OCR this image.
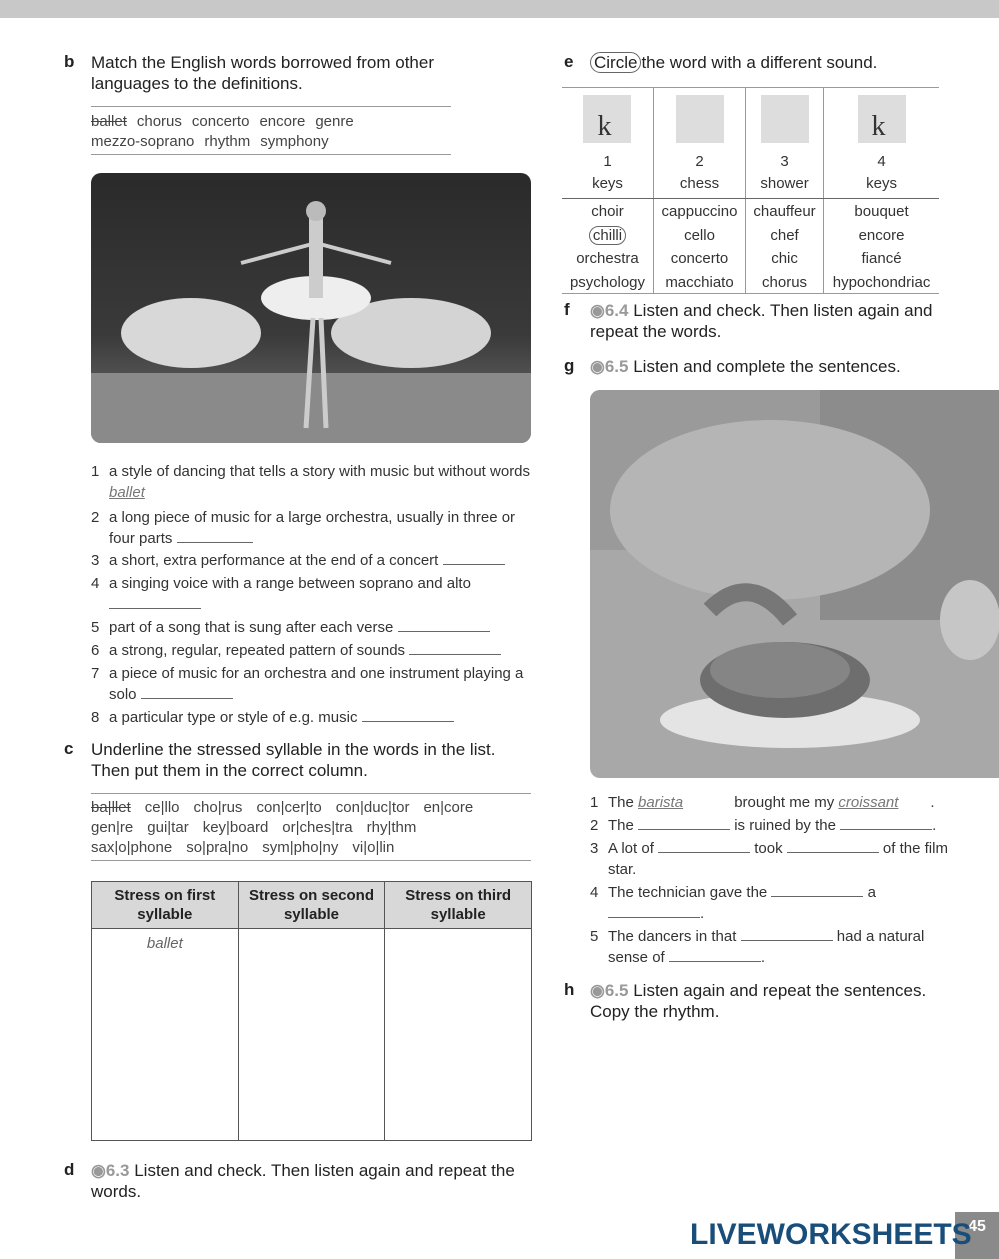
b Match the English words borrowed from other languages to the definitions.
ballet chorus concerto encore genre
mezzo-soprano rhythm symphony
1 a style of dancing that tells a story with music but without words ballet
2 a long piece of music for a large orchestra, usually in three or four parts
3 a short, extra performance at the end of a concert
4 a singing voice with a range between soprano and alto

5 part of a song that is sung after each verse
6 a strong, regular, repeated pattern of sounds
7 a piece of music for an orchestra and one instrument playing a solo
8 a particular type or style of e.g. music
c Underline the stressed syllable in the words in the list. Then put them in the correct column.
ba|llet ce|llo cho|rus con|cer|to con|duc|tor en|core
gen|re gui|tar key|board or|ches|tra rhy|thm
sax|o|phone so|pra|no sym|pho|ny vi|o|lin
Stress on first syllable	Stress on second syllable	Stress on third syllable
ballet		
d ◉6.3 Listen and check. Then listen again and repeat the words.
e Circle the word with a different sound.
k			k

1	2	3	4
keys	chess	shower	keys
choir	cappuccino	chauffeur	bouquet
chilli	cello	chef	encore
orchestra	concerto	chic	fiancé
psychology	macchiato	chorus	hypochondriac
f ◉6.4 Listen and check. Then listen again and repeat the words.
g ◉6.5 Listen and complete the sentences.
1 The barista	brought me my croissant .
2 The	is ruined by the	.
3 A lot of	took	of the film star.
4 The technician gave the	a
.
5 The dancers in that	had a natural sense of	.
h ◉6.5 Listen again and repeat the sentences. Copy the rhythm.
45
LIVEWORKSHEETS
